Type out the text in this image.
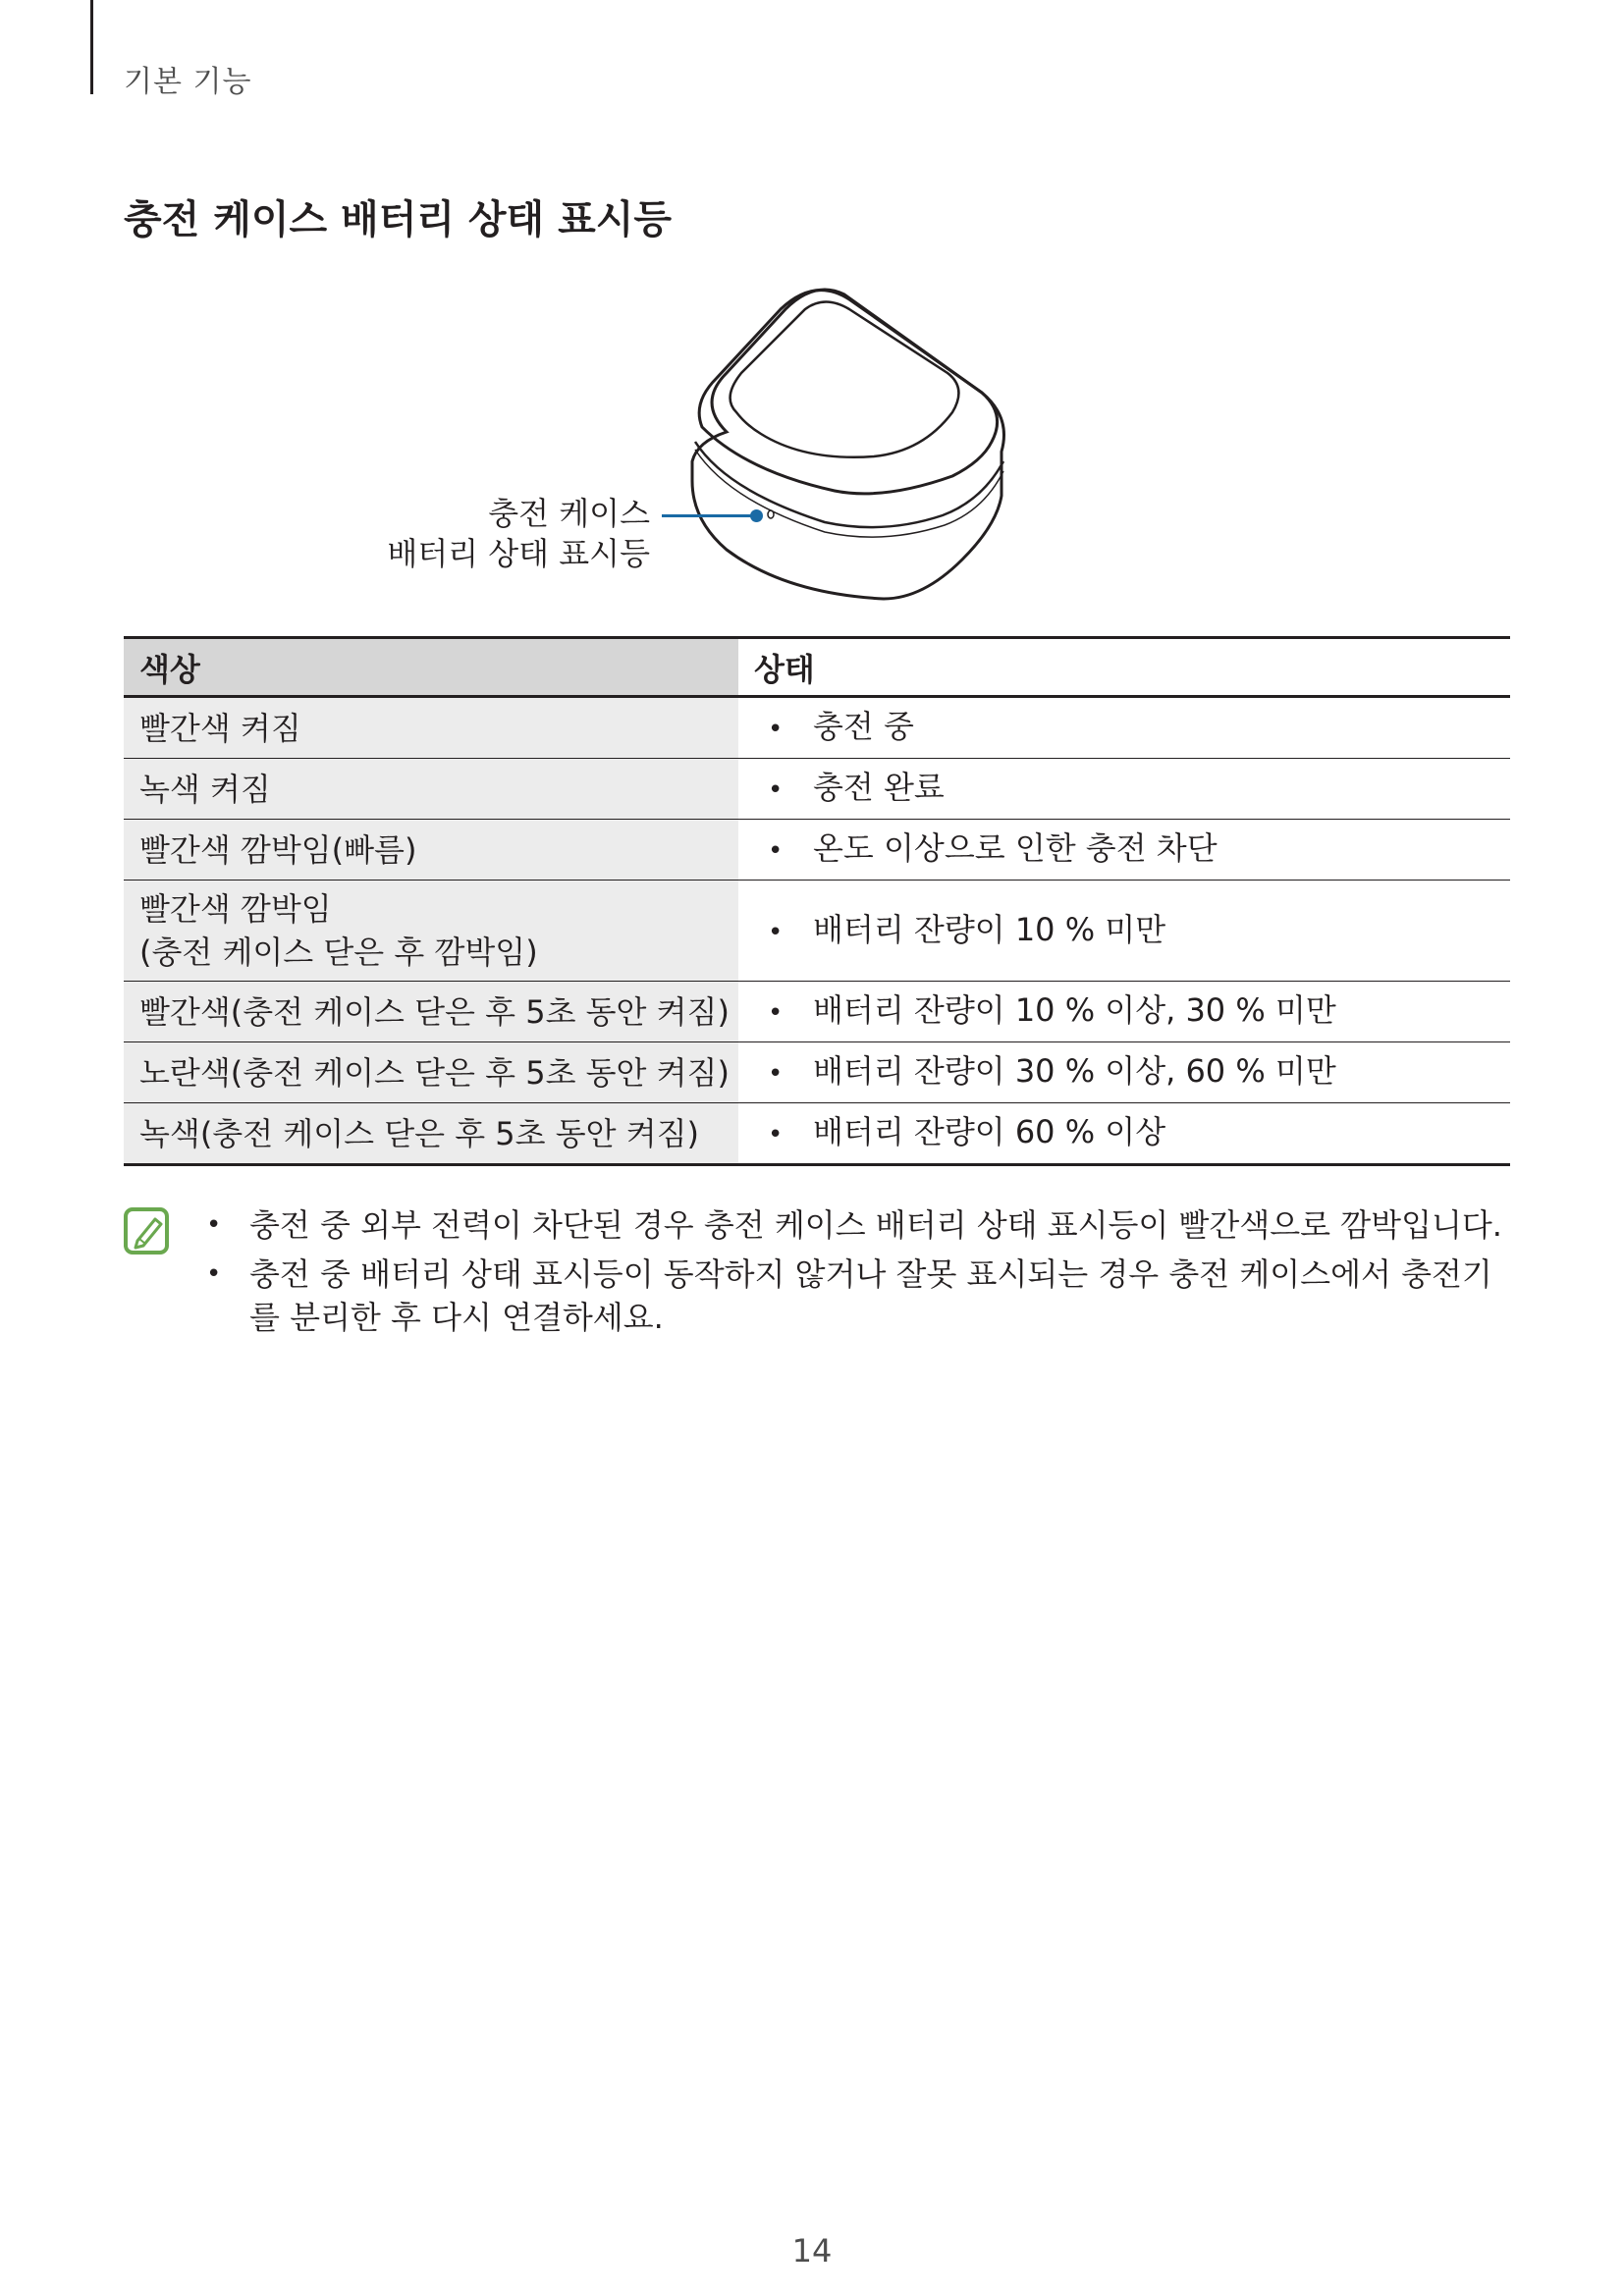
기본 기능
충전 케이스 배터리 상태 표시등
충전 케이스
배터리 상태 표시등
색상	상태
빨간색 켜짐	• 충전 중
녹색 켜짐	• 충전 완료
빨간색 깜박임(빠름)	• 온도 이상으로 인한 충전 차단

빨간색 깜박임
(충전 케이스 닫은 후 깜박임)	• 배터리 잔량이 10 % 미만
빨간색(충전 케이스 닫은 후 5초 동안 켜짐)	• 배터리 잔량이 10 % 이상, 30 % 미만
노란색(충전 케이스 닫은 후 5초 동안 켜짐)	• 배터리 잔량이 30 % 이상, 60 % 미만
녹색(충전 케이스 닫은 후 5초 동안 켜짐)	• 배터리 잔량이 60 % 이상
• 충전 중 외부 전력이 차단된 경우 충전 케이스 배터리 상태 표시등이 빨간색으로 깜박입니다.
• 충전 중 배터리 상태 표시등이 동작하지 않거나 잘못 표시되는 경우 충전 케이스에서 충전기를 분리한 후 다시 연결하세요.
14
